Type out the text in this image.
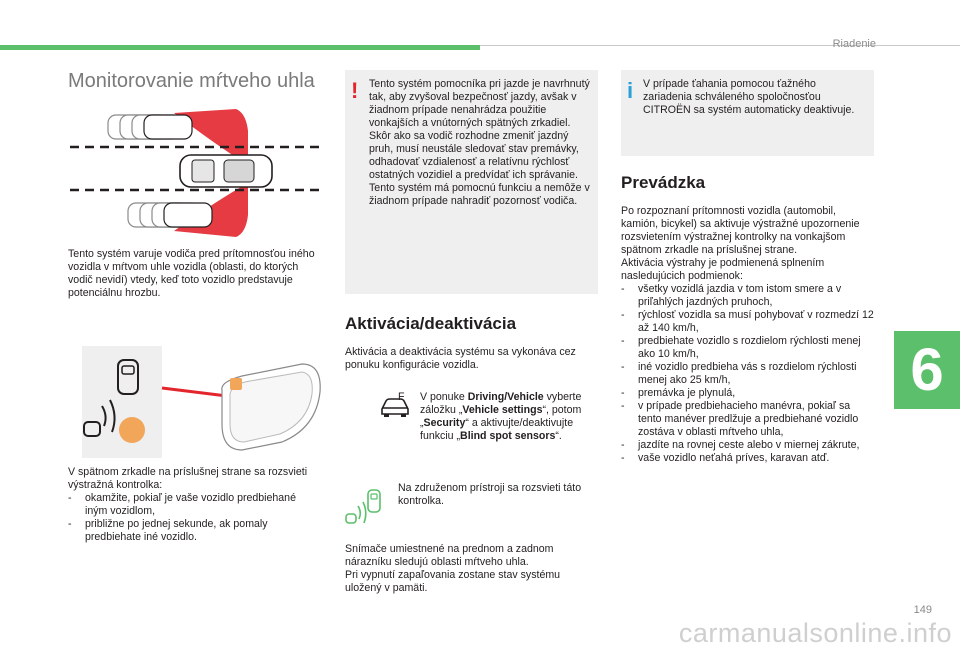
Riadenie
Monitorovanie mŕtveho uhla
Tento systém varuje vodiča pred prítomnosťou iného vozidla v mŕtvom uhle vozidla (oblasti, do ktorých vodič nevidí) vtedy, keď toto vozidlo predstavuje potenciálnu hrozbu.
V spätnom zrkadle na príslušnej strane sa rozsvieti výstražná kontrolka:
- okamžite, pokiaľ je vaše vozidlo predbiehané iným vozidlom,
- približne po jednej sekunde, ak pomaly predbiehate iné vozidlo.
! Tento systém pomocníka pri jazde je navrhnutý tak, aby zvyšoval bezpečnosť jazdy, avšak v žiadnom prípade nenahrádza použitie vonkajších a vnútorných spätných zrkadiel. Skôr ako sa vodič rozhodne zmeniť jazdný pruh, musí neustále sledovať stav premávky, odhadovať vzdialenosť a relatívnu rýchlosť ostatných vozidiel a predvídať ich správanie.
Tento systém má pomocnú funkciu a nemôže v žiadnom prípade nahradiť pozornosť vodiča.
Aktivácia/deaktivácia
Aktivácia a deaktivácia systému sa vykonáva cez ponuku konfigurácie vozidla.
F	V ponuke Driving/Vehicle vyberte záložku „Vehicle settings“, potom „Security“ a aktivujte/deaktivujte funkciu „Blind spot sensors“.
Na združenom prístroji sa rozsvieti táto kontrolka.
Snímače umiestnené na prednom a zadnom nárazníku sledujú oblasti mŕtveho uhla.
Pri vypnutí zapaľovania zostane stav systému uložený v pamäti.
i V prípade ťahania pomocou ťažného zariadenia schváleného spoločnosťou CITROËN sa systém automaticky deaktivuje.
Prevádzka
Po rozpoznaní prítomnosti vozidla (automobil, kamión, bicykel) sa aktivuje výstražné upozornenie rozsvietením výstražnej kontrolky na vonkajšom spätnom zrkadle na príslušnej strane.
Aktivácia výstrahy je podmienená splnením nasledujúcich podmienok:
- všetky vozidlá jazdia v tom istom smere a v priľahlých jazdných pruhoch,
- rýchlosť vozidla sa musí pohybovať v rozmedzí 12 až 140 km/h,
- predbiehate vozidlo s rozdielom rýchlosti menej ako 10 km/h,
- iné vozidlo predbieha vás s rozdielom rýchlosti menej ako 25 km/h,
- premávka je plynulá,
- v prípade predbiehacieho manévra, pokiaľ sa tento manéver predlžuje a predbiehané vozidlo zostáva v oblasti mŕtveho uhla,
- jazdíte na rovnej ceste alebo v miernej zákrute,
- vaše vozidlo neťahá príves, karavan atď.
6
149
carmanualsonline.info
